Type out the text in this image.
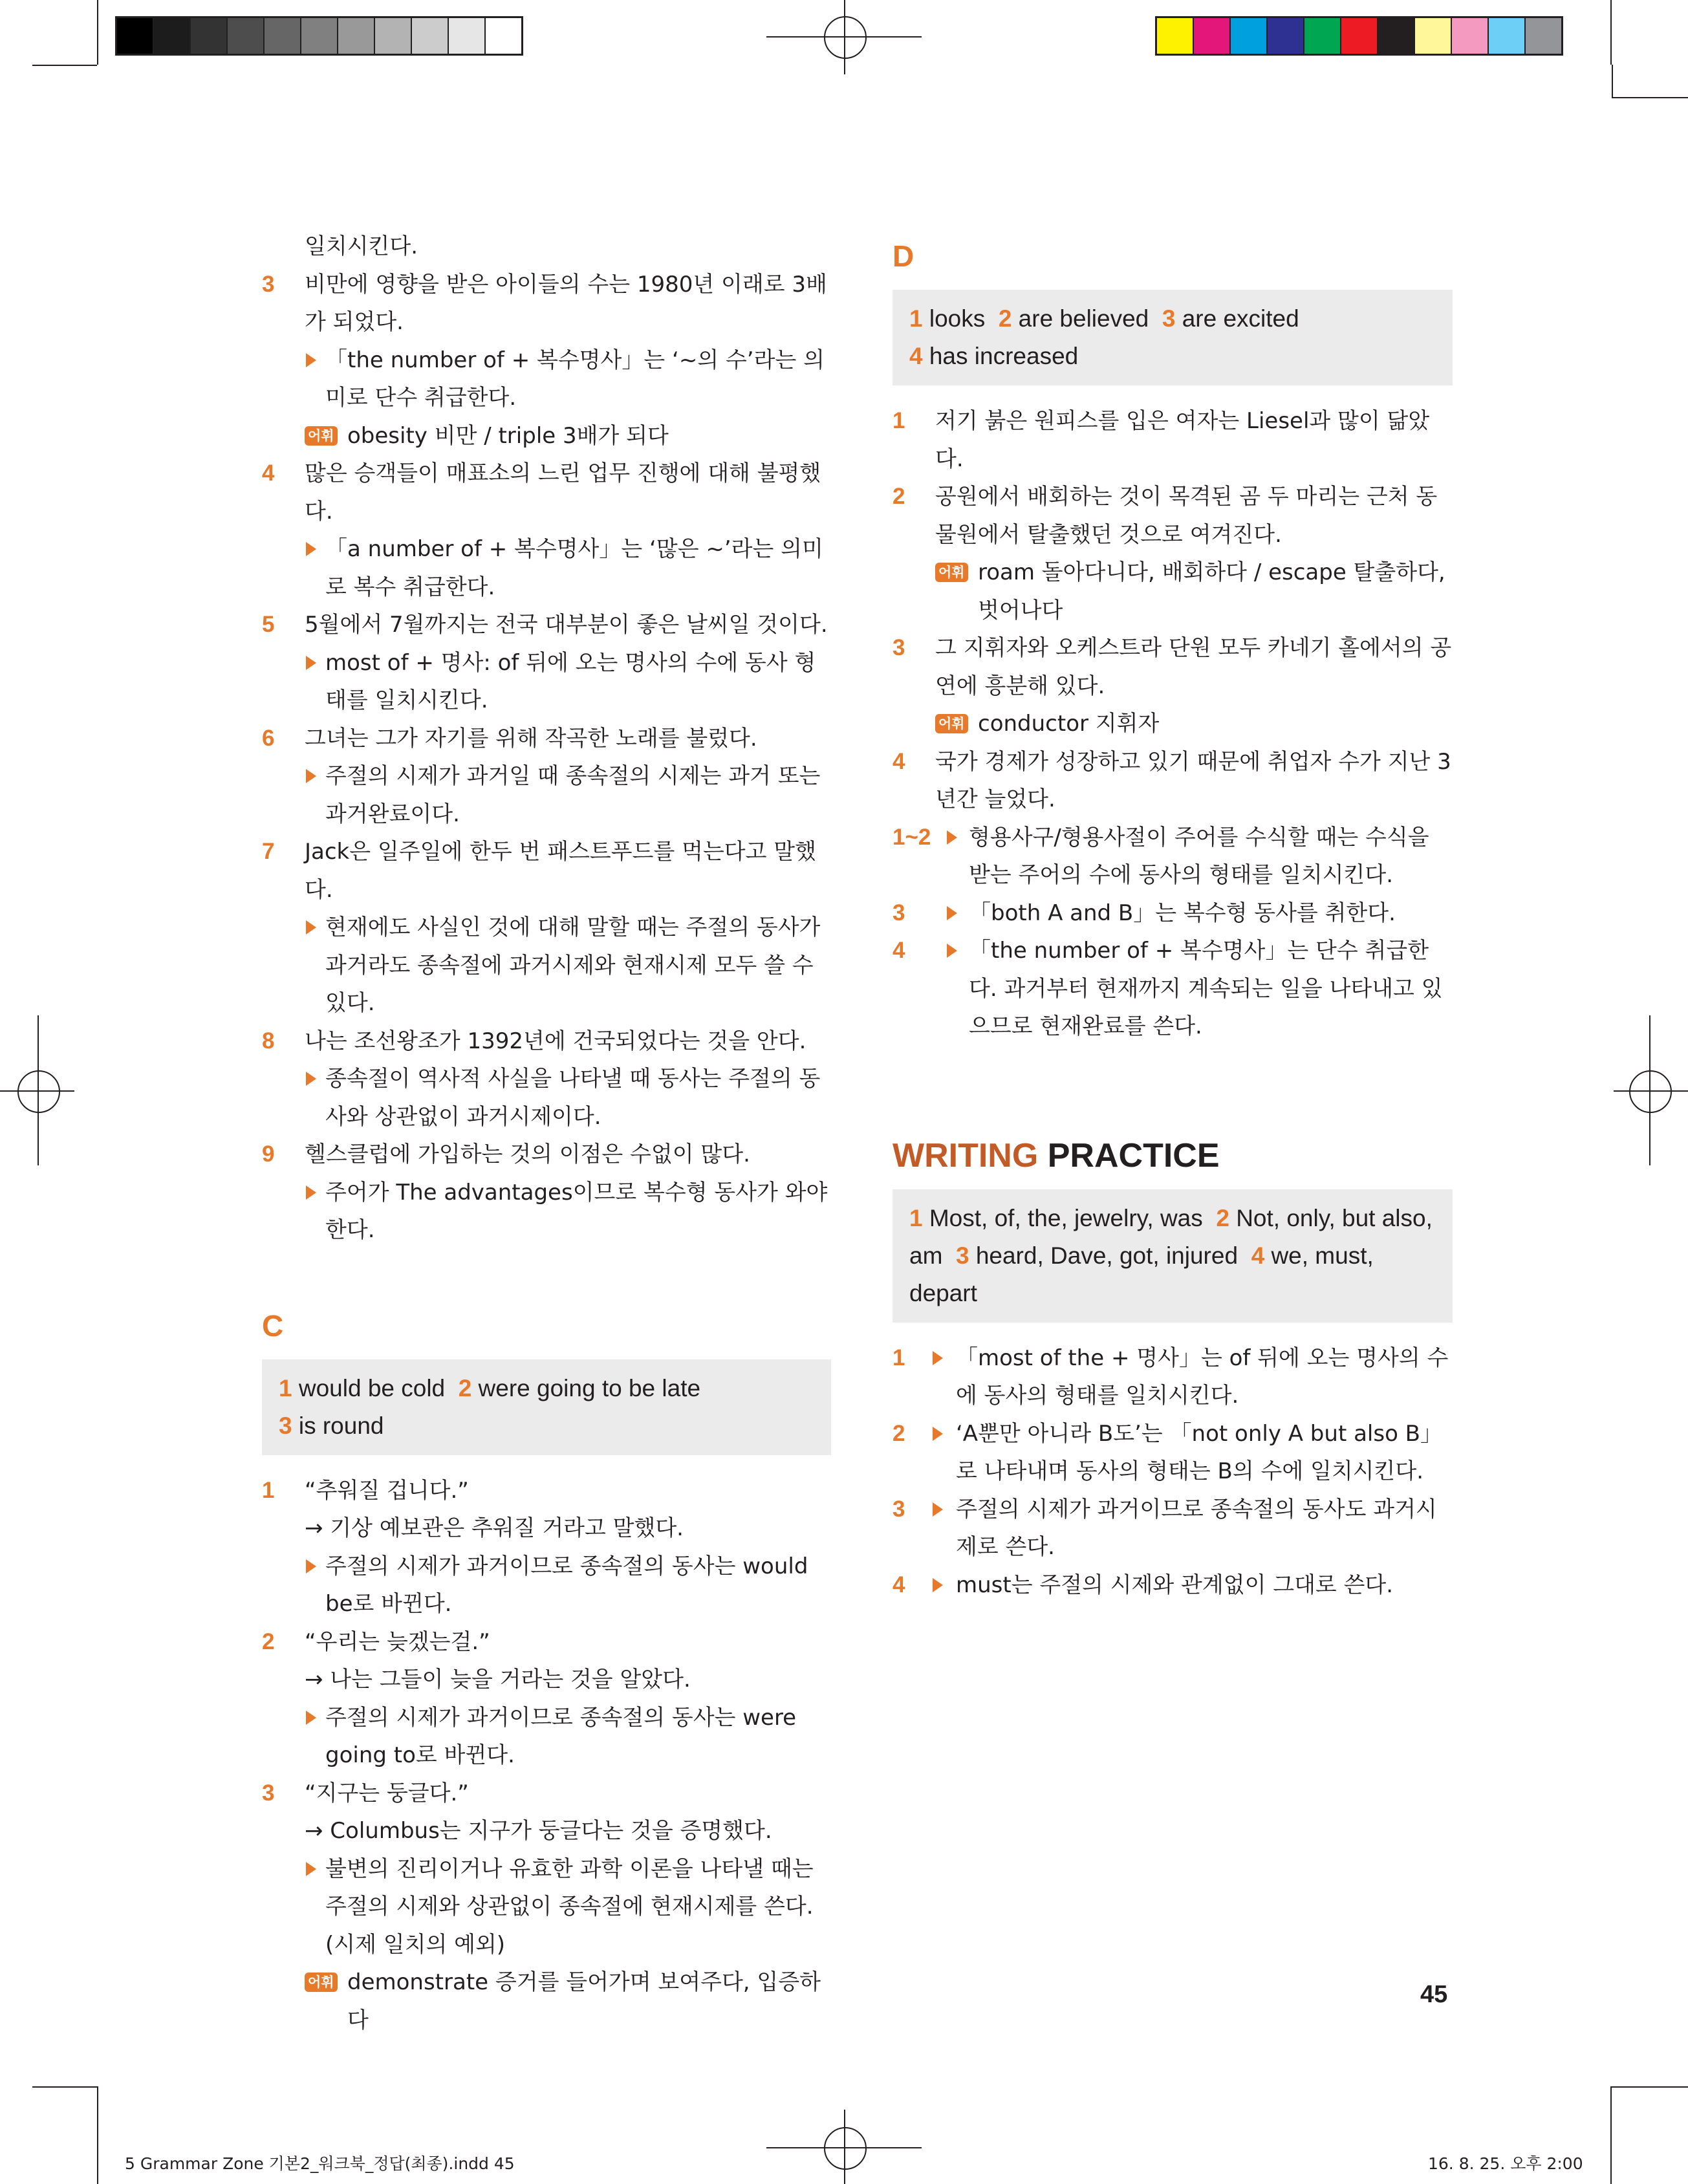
일치시킨다.
3 비만에 영향을 받은 아이들의 수는 1980년 이래로 3배가 되었다.
「the number of + 복수명사」는 ‘~의 수’라는 의미로 단수 취급한다.
어휘 obesity 비만 / triple 3배가 되다
4 많은 승객들이 매표소의 느린 업무 진행에 대해 불평했다.
「a number of + 복수명사」는 ‘많은 ~’라는 의미로 복수 취급한다.
5 5월에서 7월까지는 전국 대부분이 좋은 날씨일 것이다.
most of + 명사: of 뒤에 오는 명사의 수에 동사 형태를 일치시킨다.
6 그녀는 그가 자기를 위해 작곡한 노래를 불렀다.
주절의 시제가 과거일 때 종속절의 시제는 과거 또는 과거완료이다.
7 Jack은 일주일에 한두 번 패스트푸드를 먹는다고 말했다.
현재에도 사실인 것에 대해 말할 때는 주절의 동사가 과거라도 종속절에 과거시제와 현재시제 모두 쓸 수 있다.
8 나는 조선왕조가 1392년에 건국되었다는 것을 안다.
종속절이 역사적 사실을 나타낼 때 동사는 주절의 동사와 상관없이 과거시제이다.
9 헬스클럽에 가입하는 것의 이점은 수없이 많다.
주어가 The advantages이므로 복수형 동사가 와야 한다.
C
1 would be cold 2 were going to be late
3 is round
1 “추워질 겁니다.”
→ 기상 예보관은 추워질 거라고 말했다.
주절의 시제가 과거이므로 종속절의 동사는 would be로 바뀐다.
2 “우리는 늦겠는걸.”
→ 나는 그들이 늦을 거라는 것을 알았다.
주절의 시제가 과거이므로 종속절의 동사는 were going to로 바뀐다.
3 “지구는 둥글다.”
→ Columbus는 지구가 둥글다는 것을 증명했다.
불변의 진리이거나 유효한 과학 이론을 나타낼 때는 주절의 시제와 상관없이 종속절에 현재시제를 쓴다. (시제 일치의 예외)
어휘 demonstrate 증거를 들어가며 보여주다, 입증하다
D
1 looks 2 are believed 3 are excited
4 has increased
1 저기 붉은 원피스를 입은 여자는 Liesel과 많이 닮았다.
2 공원에서 배회하는 것이 목격된 곰 두 마리는 근처 동물원에서 탈출했던 것으로 여겨진다.
어휘 roam 돌아다니다, 배회하다 / escape 탈출하다, 벗어나다
3 그 지휘자와 오케스트라 단원 모두 카네기 홀에서의 공연에 흥분해 있다.
어휘 conductor 지휘자
4 국가 경제가 성장하고 있기 때문에 취업자 수가 지난 3년간 늘었다.
1~2 형용사구/형용사절이 주어를 수식할 때는 수식을 받는 주어의 수에 동사의 형태를 일치시킨다.
3	「both A and B」는 복수형 동사를 취한다.
4	「the number of + 복수명사」는 단수 취급한다. 과거부터 현재까지 계속되는 일을 나타내고 있으므로 현재완료를 쓴다.
WRITING PRACTICE
1 Most, of, the, jewelry, was 2 Not, only, but also, am 3 heard, Dave, got, injured 4 we, must, depart
1 「most of the + 명사」는 of 뒤에 오는 명사의 수에 동사의 형태를 일치시킨다.
2 ‘A뿐만 아니라 B도’는 「not only A but also B」로 나타내며 동사의 형태는 B의 수에 일치시킨다.
3 주절의 시제가 과거이므로 종속절의 동사도 과거시제로 쓴다.
4 must는 주절의 시제와 관계없이 그대로 쓴다.
45
5 Grammar Zone 기본2_워크북_정답(최종).indd 45	16. 8. 25. 오후 2:00
